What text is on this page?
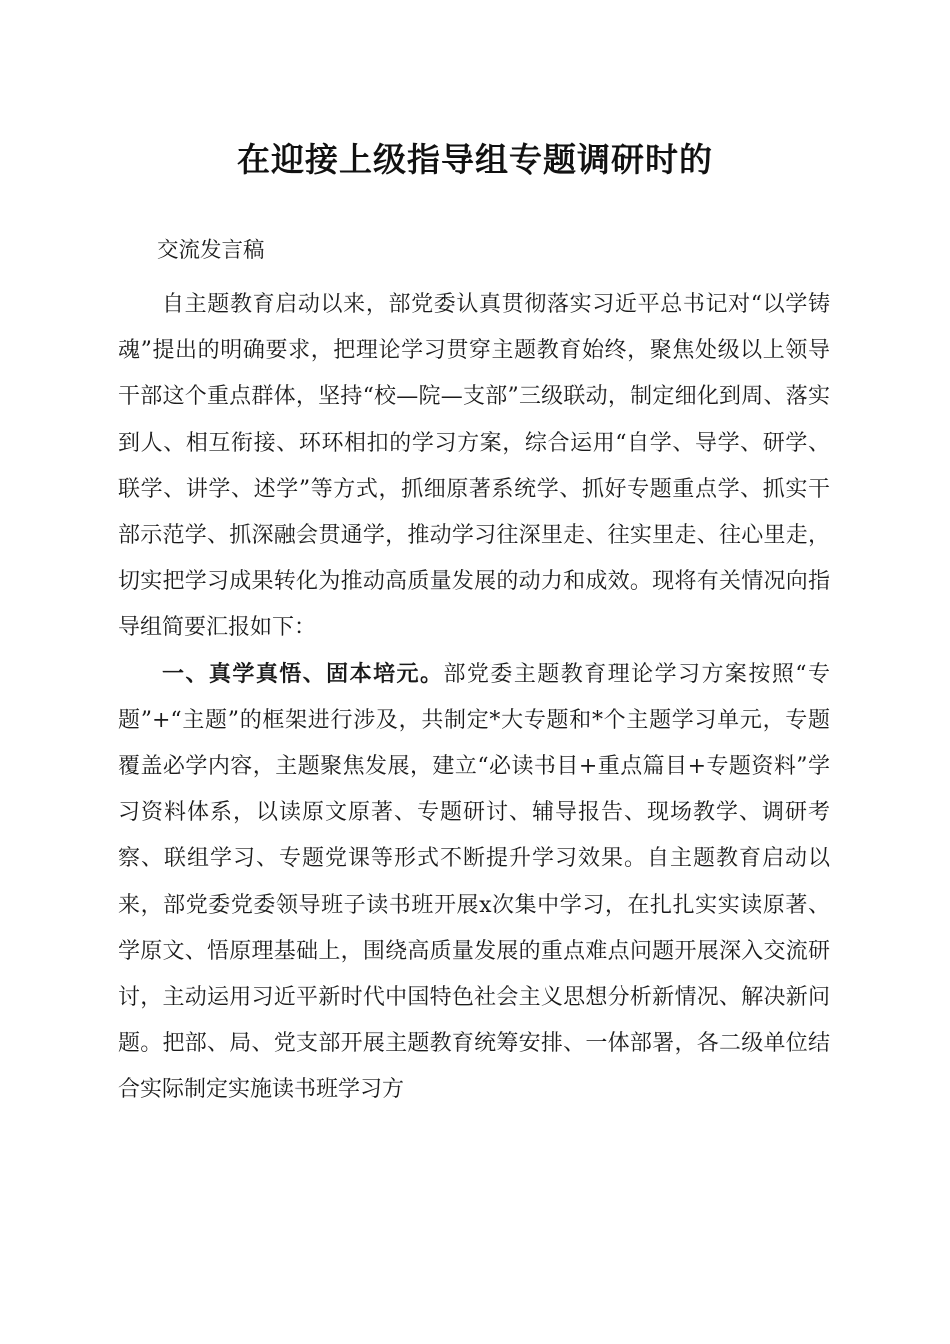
在迎接上级指导组专题调研时的
交流发言稿

自主题教育启动以来，部党委认真贯彻落实习近平总书记对“以学铸魂”提出的明确要求，把理论学习贯穿主题教育始终，聚焦处级以上领导干部这个重点群体，坚持“校—院—支部”三级联动，制定细化到周、落实到人、相互衔接、环环相扣的学习方案，综合运用“自学、导学、研学、联学、讲学、述学”等方式，抓细原著系统学、抓好专题重点学、抓实干部示范学、抓深融会贯通学，推动学习往深里走、往实里走、往心里走，切实把学习成果转化为推动高质量发展的动力和成效。现将有关情况向指导组简要汇报如下：

一、真学真悟、固本培元。部党委主题教育理论学习方案按照“专题”+“主题”的框架进行涉及，共制定*大专题和*个主题学习单元，专题覆盖必学内容，主题聚焦发展，建立“必读书目+重点篇目+专题资料”学习资料体系，以读原文原著、专题研讨、辅导报告、现场教学、调研考察、联组学习、专题党课等形式不断提升学习效果。自主题教育启动以来，部党委党委领导班子读书班开展x次集中学习，在扎扎实实读原著、学原文、悟原理基础上，围绕高质量发展的重点难点问题开展深入交流研讨，主动运用习近平新时代中国特色社会主义思想分析新情况、解决新问题。把部、局、党支部开展主题教育统筹安排、一体部署，各二级单位结合实际制定实施读书班学习方
